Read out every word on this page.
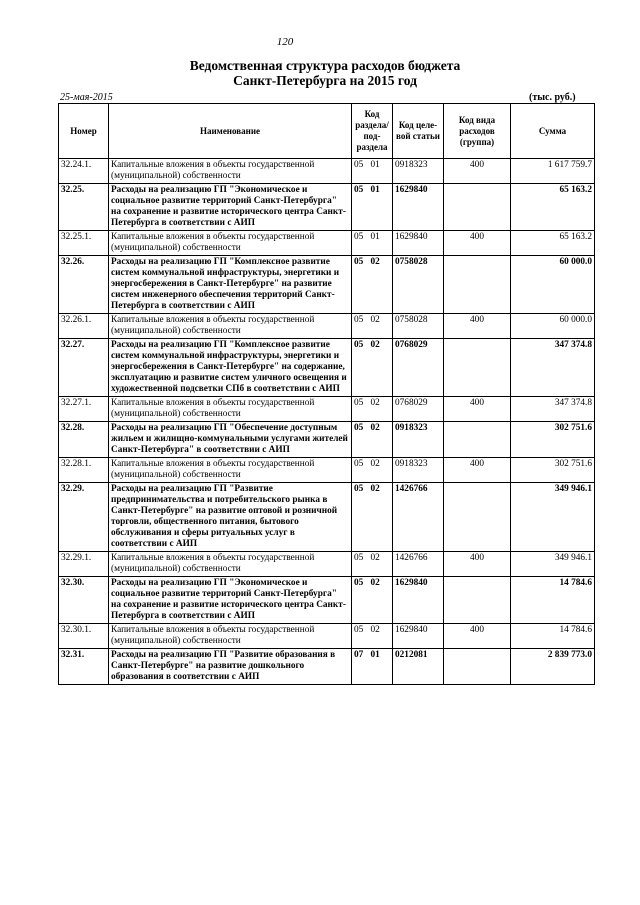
120
Ведомственная структура расходов бюджета
Санкт-Петербурга на 2015 год
25-мая-2015	(тыс. руб.)
Номер	Наименование	Код раздела/ под-раздела		Код целе-вой статьи	Код вида расходов (группа)	Сумма
32.24.1.	Капитальные вложения в объекты государственной (муниципальной) собственности	05	01	0918323	400	1 617 759.7
32.25.	Расходы на реализацию ГП "Экономическое и социальное развитие территорий Санкт-Петербурга" на сохранение и развитие исторического центра Санкт-Петербурга в соответствии с АИП	05	01	1629840		65 163.2
32.25.1.	Капитальные вложения в объекты государственной (муниципальной) собственности	05	01	1629840	400	65 163.2
32.26.	Расходы на реализацию ГП "Комплексное развитие систем коммунальной инфраструктуры, энергетики и энергосбережения в Санкт-Петербурге" на развитие систем инженерного обеспечения территорий Санкт-Петербурга в соответствии с АИП	05	02	0758028		60 000.0
32.26.1.	Капитальные вложения в объекты государственной (муниципальной) собственности	05	02	0758028	400	60 000.0
32.27.	Расходы на реализацию ГП "Комплексное развитие систем коммунальной инфраструктуры, энергетики и энергосбережения в Санкт-Петербурге" на содержание, эксплуатацию и развитие систем уличного освещения и художественной подсветки СПб в соответствии с АИП	05	02	0768029		347 374.8
32.27.1.	Капитальные вложения в объекты государственной (муниципальной) собственности	05	02	0768029	400	347 374.8
32.28.	Расходы на реализацию ГП "Обеспечение доступным жильем и жилищно-коммунальными услугами жителей Санкт-Петербурга" в соответствии с АИП	05	02	0918323		302 751.6
32.28.1.	Капитальные вложения в объекты государственной (муниципальной) собственности	05	02	0918323	400	302 751.6
32.29.	Расходы на реализацию ГП "Развитие предпринимательства и потребительского рынка в Санкт-Петербурге" на развитие оптовой и розничной торговли, общественного питания, бытового обслуживания и сферы ритуальных услуг в соответствии с АИП	05	02	1426766		349 946.1
32.29.1.	Капитальные вложения в объекты государственной (муниципальной) собственности	05	02	1426766	400	349 946.1
32.30.	Расходы на реализацию ГП "Экономическое и социальное развитие территорий Санкт-Петербурга" на сохранение и развитие исторического центра Санкт-Петербурга в соответствии с АИП	05	02	1629840		14 784.6
32.30.1.	Капитальные вложения в объекты государственной (муниципальной) собственности	05	02	1629840	400	14 784.6
32.31.	Расходы на реализацию ГП "Развитие образования в Санкт-Петербурге" на развитие дошкольного образования в соответствии с АИП	07	01	0212081		2 839 773.0
